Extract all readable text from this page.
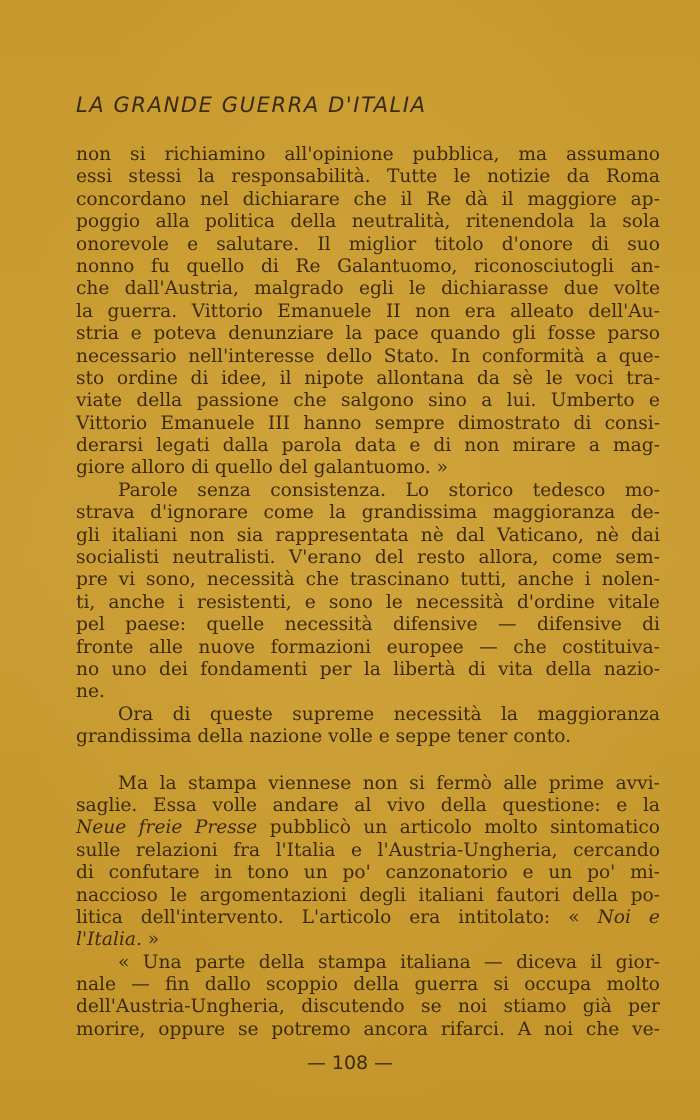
LA GRANDE GUERRA D'ITALIA
non si richiamino all'opinione pubblica, ma assumano
essi stessi la responsabilità. Tutte le notizie da Roma
concordano nel dichiarare che il Re dà il maggiore ap-
poggio alla politica della neutralità, ritenendola la sola
onorevole e salutare. Il miglior titolo d'onore di suo
nonno fu quello di Re Galantuomo, riconosciutogli an-
che dall'Austria, malgrado egli le dichiarasse due volte
la guerra. Vittorio Emanuele II non era alleato dell'Au-
stria e poteva denunziare la pace quando gli fosse parso
necessario nell'interesse dello Stato. In conformità a que-
sto ordine di idee, il nipote allontana da sè le voci tra-
viate della passione che salgono sino a lui. Umberto e
Vittorio Emanuele III hanno sempre dimostrato di consi-
derarsi legati dalla parola data e di non mirare a mag-
giore alloro di quello del galantuomo. »
Parole senza consistenza. Lo storico tedesco mo-
strava d'ignorare come la grandissima maggioranza de-
gli italiani non sia rappresentata nè dal Vaticano, nè dai
socialisti neutralisti. V'erano del resto allora, come sem-
pre vi sono, necessità che trascinano tutti, anche i nolen-
ti, anche i resistenti, e sono le necessità d'ordine vitale
pel paese: quelle necessità difensive — difensive di
fronte alle nuove formazioni europee — che costituiva-
no uno dei fondamenti per la libertà di vita della nazio-
ne.
Ora di queste supreme necessità la maggioranza
grandissima della nazione volle e seppe tener conto.
Ma la stampa viennese non si fermò alle prime avvi-
saglie. Essa volle andare al vivo della questione: e la
Neue freie Presse pubblicò un articolo molto sintomatico
sulle relazioni fra l'Italia e l'Austria-Ungheria, cercando
di confutare in tono un po' canzonatorio e un po' mi-
naccioso le argomentazioni degli italiani fautori della po-
litica dell'intervento. L'articolo era intitolato: « Noi e
l'Italia. »
« Una parte della stampa italiana — diceva il gior-
nale — fin dallo scoppio della guerra si occupa molto
dell'Austria-Ungheria, discutendo se noi stiamo già per
morire, oppure se potremo ancora rifarci. A noi che ve-
— 108 —
